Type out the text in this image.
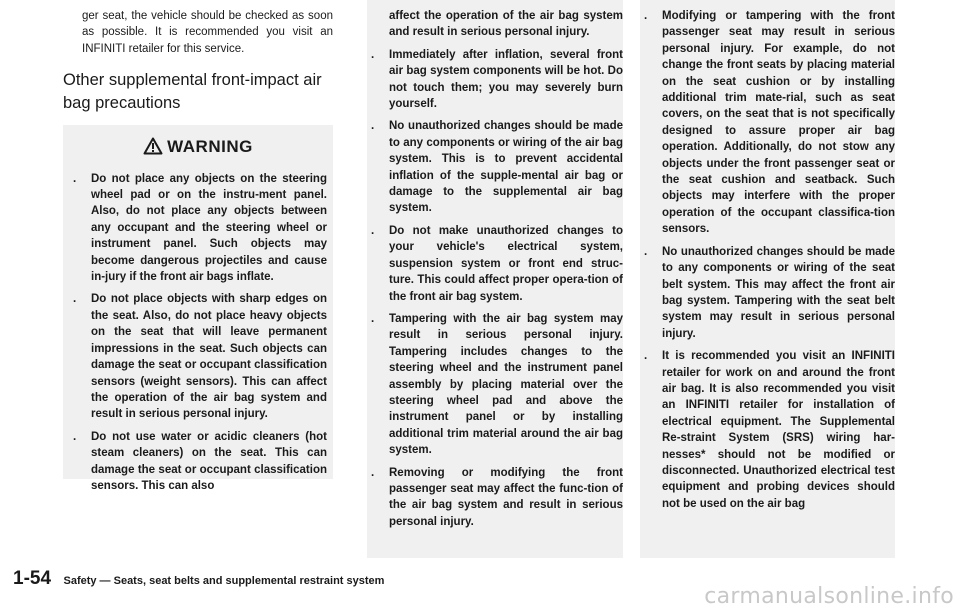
ger seat, the vehicle should be checked as soon as possible. It is recommended you visit an INFINITI retailer for this service.

Other supplemental front-impact air bag precautions
WARNING
. Do not place any objects on the steering wheel pad or on the instru-ment panel. Also, do not place any objects between any occupant and the steering wheel or instrument panel. Such objects may become dangerous projectiles and cause in-jury if the front air bags inflate.
. Do not place objects with sharp edges on the seat. Also, do not place heavy objects on the seat that will leave permanent impressions in the seat. Such objects can damage the seat or occupant classification sensors (weight sensors). This can affect the operation of the air bag system and result in serious personal injury.
. Do not use water or acidic cleaners (hot steam cleaners) on the seat. This can damage the seat or occupant classification sensors. This can also
affect the operation of the air bag system and result in serious personal injury.
. Immediately after inflation, several front air bag system components will be hot. Do not touch them; you may severely burn yourself.
. No unauthorized changes should be made to any components or wiring of the air bag system. This is to prevent accidental inflation of the supple-mental air bag or damage to the supplemental air bag system.
. Do not make unauthorized changes to your vehicle's electrical system, suspension system or front end struc-ture. This could affect proper opera-tion of the front air bag system.
. Tampering with the air bag system may result in serious personal injury. Tampering includes changes to the steering wheel and the instrument panel assembly by placing material over the steering wheel pad and above the instrument panel or by installing additional trim material around the air bag system.
. Removing or modifying the front passenger seat may affect the func-tion of the air bag system and result in serious personal injury.
. Modifying or tampering with the front passenger seat may result in serious personal injury. For example, do not change the front seats by placing material on the seat cushion or by installing additional trim mate-rial, such as seat covers, on the seat that is not specifically designed to assure proper air bag operation. Additionally, do not stow any objects under the front passenger seat or the seat cushion and seatback. Such objects may interfere with the proper operation of the occupant classifica-tion sensors.
. No unauthorized changes should be made to any components or wiring of the seat belt system. This may affect the front air bag system. Tampering with the seat belt system may result in serious personal injury.
. It is recommended you visit an INFINITI retailer for work on and around the front air bag. It is also recommended you visit an INFINITI retailer for installation of electrical equipment. The Supplemental Re-straint System (SRS) wiring har-nesses* should not be modified or disconnected. Unauthorized electrical test equipment and probing devices should not be used on the air bag
1-54 Safety — Seats, seat belts and supplemental restraint system
carmanualsonline.info
